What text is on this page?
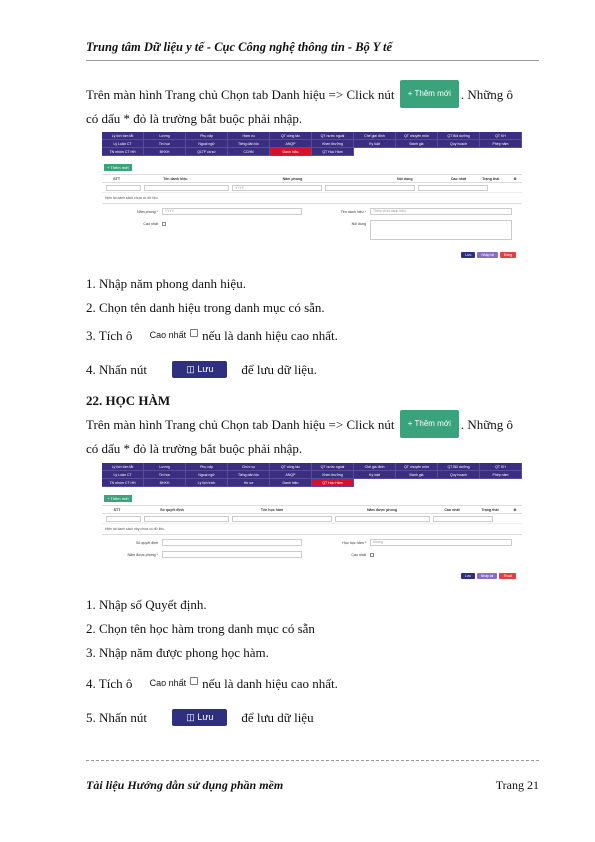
Trung tâm Dữ liệu y tế - Cục Công nghệ thông tin - Bộ Y tế
Trên màn hình Trang chủ Chọn tab Danh hiệu => Click nút + Thêm mới . Những ô
có dấu * đỏ là trường bắt buộc phải nhập.
Lý lịch tóm tắt	Lương	Phụ cấp	Hàm vụ	QT công tác	QT nước ngoài	Chế giai đình	QT chuyên môn	QT Bồi dưỡng	QT KH
Lý Luận CT	Tin học	Ngoại ngữ	Tiếng dân tộc	ANQP	Khen thưởng	Kỷ luật	Đánh giá	Quy hoạch	Phép năm
TN nhóm CT HH	BHXH	QLTP cá sư	CCHN	Danh hiệu	QT Học Hàm
+ Thêm mới
STT	Tên danh hiệu	Năm phong	Nội dung	Cao nhất	Trạng thái	⚙
YYYY
Hiện tại danh sách chưa có dữ liệu.
Năm phong *	YYYY	Tên danh hiệu *	Thêm chọn danh hiệu
Cao nhất	Nội dung
Lưu	Nhập lại	Đóng
1. Nhập năm phong danh hiệu.
2. Chọn tên danh hiệu trong danh mục có sẵn.
3. Tích ô Cao nhất nếu là danh hiệu cao nhất.
4. Nhấn nút	◫ Lưu để lưu dữ liệu.
22. HỌC HÀM
Trên màn hình Trang chủ Chọn tab Danh hiệu => Click nút + Thêm mới . Những ô
có dấu * đỏ là trường bắt buộc phải nhập.
Lý lịch tóm tắt	Lương	Phụ cấp	Chức vụ	QT công tác	QT nước ngoài	Chế gia đình	QT chuyên môn	QT BD dưỡng	QT KH
Lý Luận CT	Tin học	Ngoại ngữ	Tiếng dân tộc	ANQP	Khen thưởng	Kỷ luật	Đánh giá	Quy hoạch	Phép năm
TN nhóm CT HH	BHXH	Lý lịch trích	Hồ sơ	Danh hiệu	QT Học Hàm
+ Thêm mới
STT	Số quyết định	Tên học hàm	Năm được phong	Cao nhất	Trạng thái	⚙
Hiện tại danh sách này chưa có dữ liệu.
Số quyết định	Học học hàm *	Không
Năm được phong *	Cao nhất
Lưu	Nhập lại	Thoát
1. Nhập số Quyết định.
2. Chọn tên học hàm trong danh mục có sẵn
3. Nhập năm được phong học hàm.
4. Tích ô Cao nhất nếu là danh hiệu cao nhất.
5. Nhấn nút	◫ Lưu để lưu dữ liệu
Tài liệu Hướng dẫn sử dụng phần mềm	Trang 21
